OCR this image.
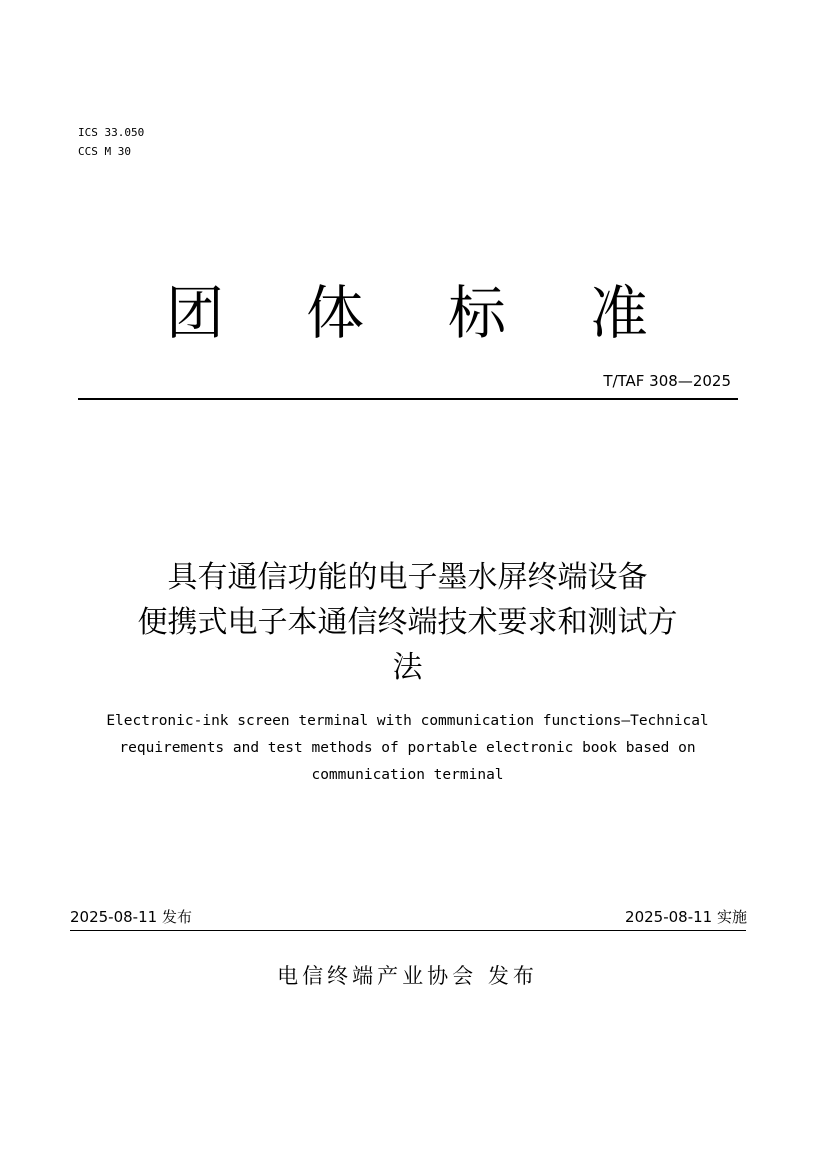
ICS 33.050
CCS M 30
团 体 标 准
T/TAF 308—2025
具有通信功能的电子墨水屏终端设备
便携式电子本通信终端技术要求和测试方
法
Electronic-ink screen terminal with communication functions—Technical
requirements and test methods of portable electronic book based on
communication terminal
2025-08-11 发布	2025-08-11 实施
电信终端产业协会 发布
